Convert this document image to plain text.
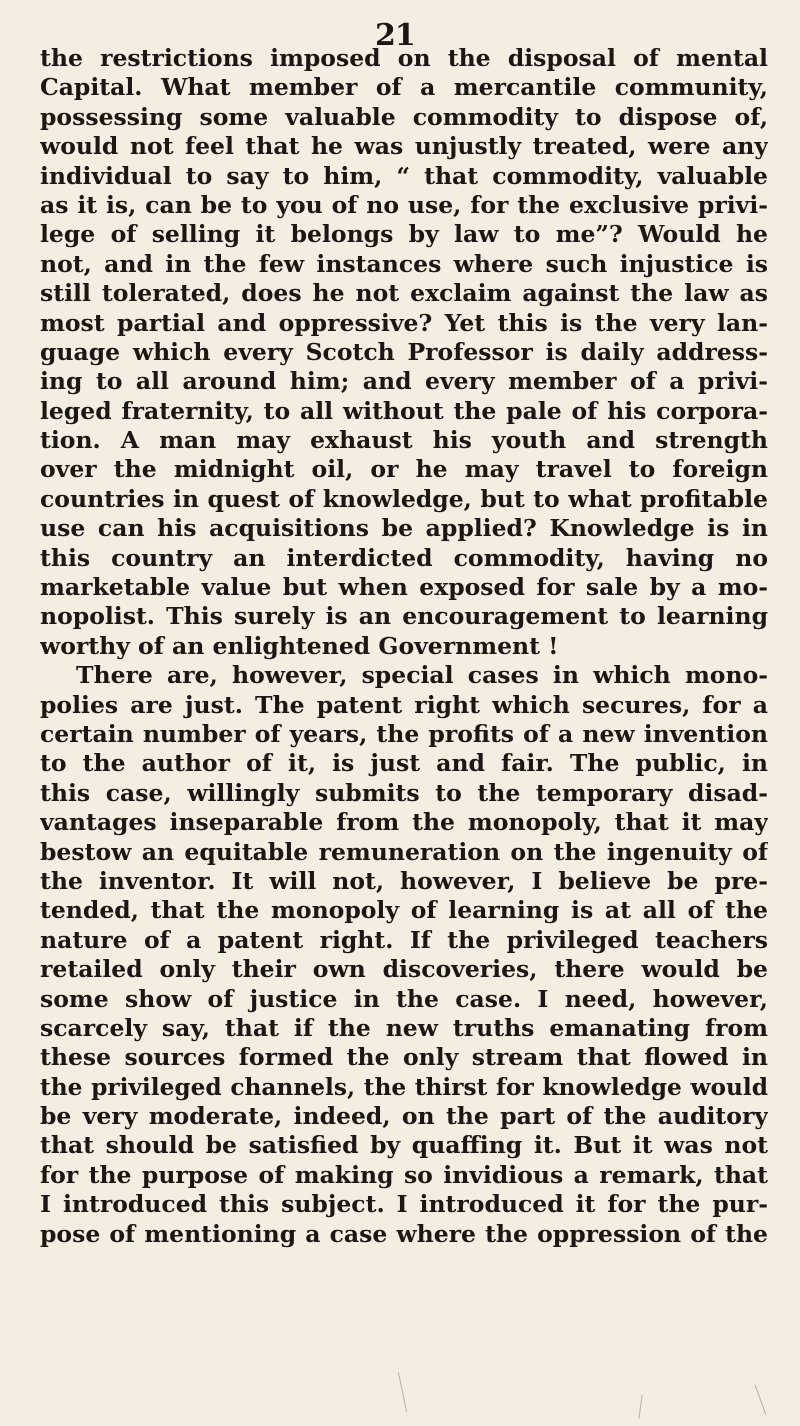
21
the restrictions imposed on the disposal of mental
Capital. What member of a mercantile community,
possessing some valuable commodity to dispose of,
would not feel that he was unjustly treated, were any
individual to say to him, “ that commodity, valuable
as it is, can be to you of no use, for the exclusive privi-
lege of selling it belongs by law to me”? Would he
not, and in the few instances where such injustice is
still tolerated, does he not exclaim against the law as
most partial and oppressive? Yet this is the very lan-
guage which every Scotch Professor is daily address-
ing to all around him; and every member of a privi-
leged fraternity, to all without the pale of his corpora-
tion. A man may exhaust his youth and strength
over the midnight oil, or he may travel to foreign
countries in quest of knowledge, but to what profitable
use can his acquisitions be applied? Knowledge is in
this country an interdicted commodity, having no
marketable value but when exposed for sale by a mo-
nopolist. This surely is an encouragement to learning
worthy of an enlightened Government !
There are, however, special cases in which mono-
polies are just. The patent right which secures, for a
certain number of years, the profits of a new invention
to the author of it, is just and fair. The public, in
this case, willingly submits to the temporary disad-
vantages inseparable from the monopoly, that it may
bestow an equitable remuneration on the ingenuity of
the inventor. It will not, however, I believe be pre-
tended, that the monopoly of learning is at all of the
nature of a patent right. If the privileged teachers
retailed only their own discoveries, there would be
some show of justice in the case. I need, however,
scarcely say, that if the new truths emanating from
these sources formed the only stream that flowed in
the privileged channels, the thirst for knowledge would
be very moderate, indeed, on the part of the auditory
that should be satisfied by quaffing it. But it was not
for the purpose of making so invidious a remark, that
I introduced this subject. I introduced it for the pur-
pose of mentioning a case where the oppression of the
